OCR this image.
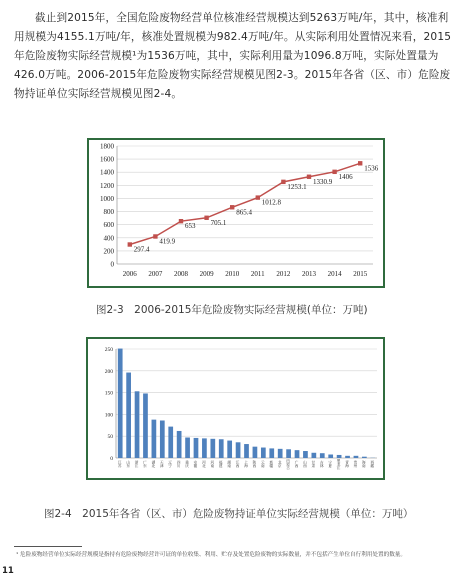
截止到2015年，全国危险废物经营单位核准经营规模达到5263万吨/年，其中，核准利用规模为4155.1万吨/年，核准处置规模为982.4万吨/年。从实际利用处置情况来看，2015年危险废物实际经营规模¹为1536万吨，其中，实际利用量为1096.8万吨，实际处置量为426.0万吨。2006-2015年危险废物实际经营规模见图2-3。2015年各省（区、市）危险废物持证单位实际经营规模见图2-4。
0
200
400
600
800
1000
1200
1400
1600
1800
2006 2007 2008 2009 2010 2011 2012 2013 2014 2015
297.4
419.9
653 705.1
865.4
1012.8
1253.1
1330.9
1406
1536
图2-3　2006-2015年危险废物实际经营规模(单位：万吨)
0
50
100
150
200
250
江苏	山东	浙江	广东	湖北	天津	辽宁	四川	重庆	安徽	河北	河南	福建	湖南	江西	上海	陕西	云南	新疆	北京	内蒙古	广西	山西	甘肃	吉林	宁夏	黑龙江	青海	贵州	海南	西藏
图2-4　2015年各省（区、市）危险废物持证单位实际经营规模（单位：万吨）
¹ 危险废物经营单位实际经营规模是指持有危险废物经营许可证的单位收集、利用、贮存及处置危险废物的实际数量，并不包括产生单位自行利用处置的数量。
11
